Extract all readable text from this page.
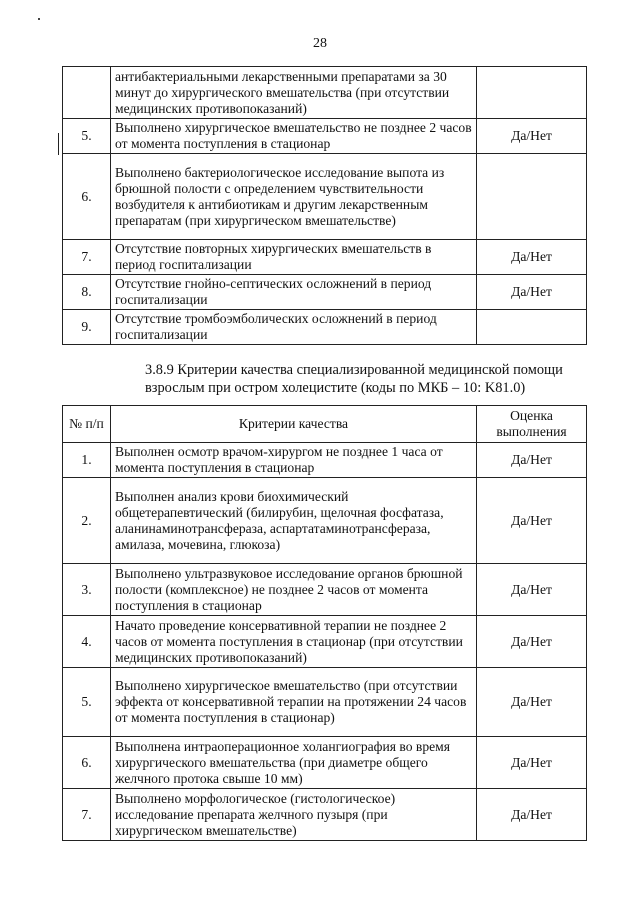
28
	антибактериальными лекарственными препаратами за 30 минут до хирургического вмешательства (при отсутствии медицинских противопоказаний)	
5.	Выполнено хирургическое вмешательство не позднее 2 часов от момента поступления в стационар	Да/Нет
6.	Выполнено бактериологическое исследование выпота из брюшной полости с определением чувствительности возбудителя к антибиотикам и другим лекарственным препаратам (при хирургическом вмешательстве)	
7.	Отсутствие повторных хирургических вмешательств в период госпитализации	Да/Нет
8.	Отсутствие гнойно-септических осложнений в период госпитализации	Да/Нет
9.	Отсутствие тромбоэмболических осложнений в период госпитализации	
3.8.9 Критерии качества специализированной медицинской помощи взрослым при остром холецистите (коды по МКБ – 10: K81.0)
№ п/п	Критерии качества	Оценка выполнения
1.	Выполнен осмотр врачом-хирургом не позднее 1 часа от момента поступления в стационар	Да/Нет
2.	Выполнен анализ крови биохимический общетерапевтический (билирубин, щелочная фосфатаза, аланинаминотрансфераза, аспартатаминотрансфераза, амилаза, мочевина, глюкоза)	Да/Нет
3.	Выполнено ультразвуковое исследование органов брюшной полости (комплексное) не позднее 2 часов от момента поступления в стационар	Да/Нет
4.	Начато проведение консервативной терапии не позднее 2 часов от момента поступления в стационар (при отсутствии медицинских противопоказаний)	Да/Нет
5.	Выполнено хирургическое вмешательство (при отсутствии эффекта от консервативной терапии на протяжении 24 часов от момента поступления в стационар)	Да/Нет
6.	Выполнена интраоперационное холангиография во время хирургического вмешательства (при диаметре общего желчного протока свыше 10 мм)	Да/Нет
7.	Выполнено морфологическое (гистологическое) исследование препарата желчного пузыря (при хирургическом вмешательстве)	Да/Нет
